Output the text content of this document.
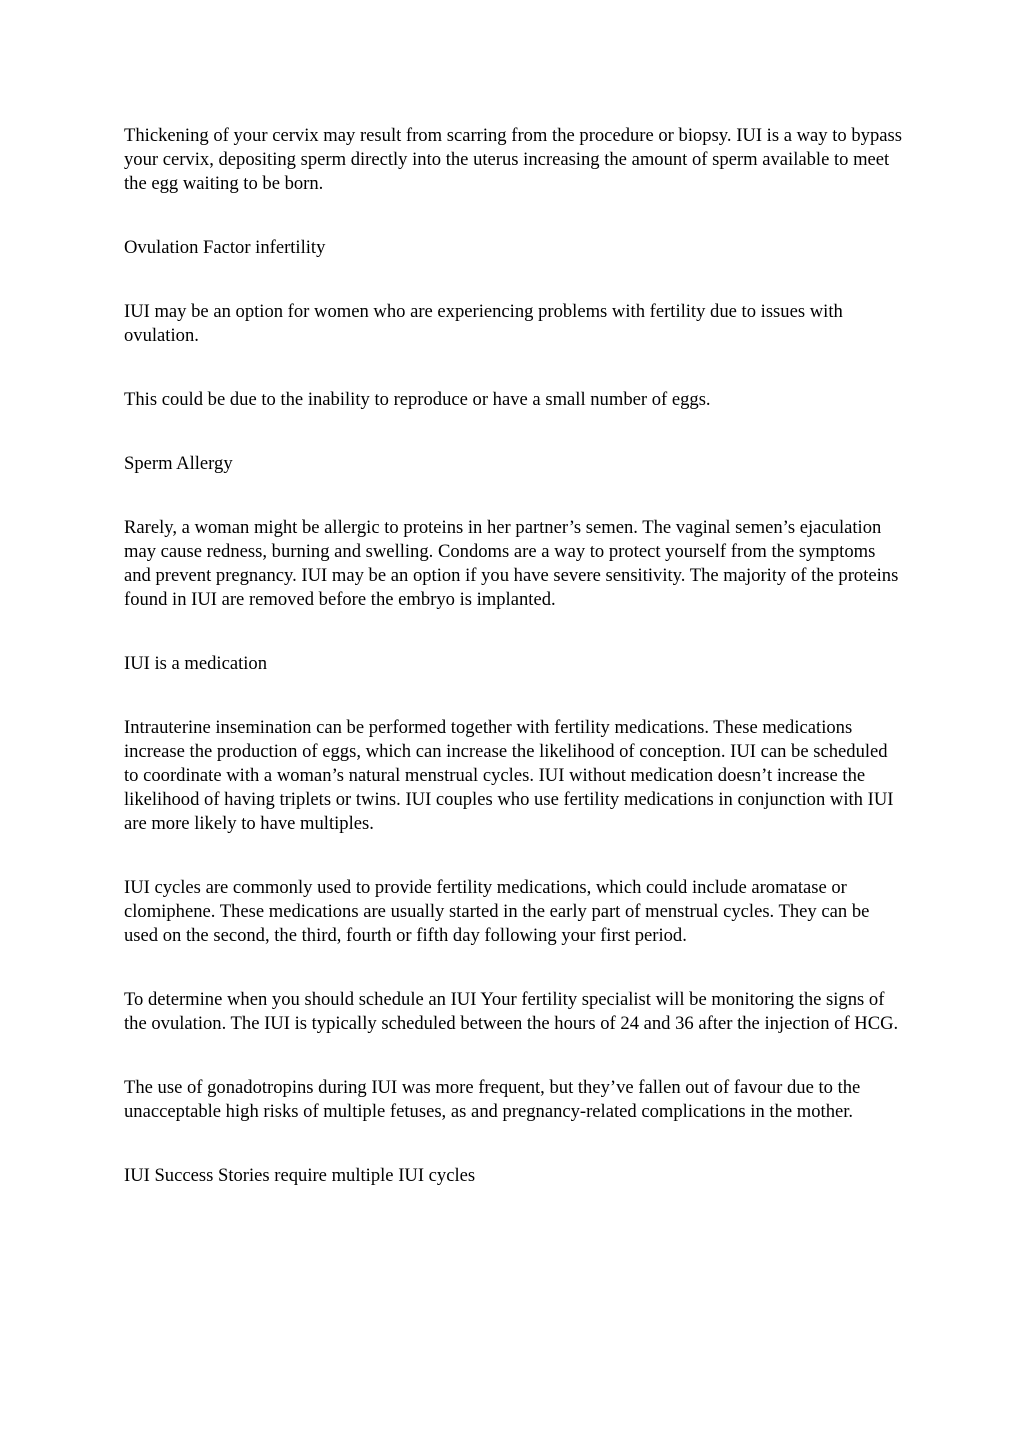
Thickening of your cervix may result from scarring from the procedure or biopsy. IUI is a way to bypass your cervix, depositing sperm directly into the uterus increasing the amount of sperm available to meet the egg waiting to be born.

Ovulation Factor infertility

IUI may be an option for women who are experiencing problems with fertility due to issues with ovulation.

This could be due to the inability to reproduce or have a small number of eggs.

Sperm Allergy

Rarely, a woman might be allergic to proteins in her partner’s semen. The vaginal semen’s ejaculation may cause redness, burning and swelling. Condoms are a way to protect yourself from the symptoms and prevent pregnancy. IUI may be an option if you have severe sensitivity. The majority of the proteins found in IUI are removed before the embryo is implanted.

IUI is a medication

Intrauterine insemination can be performed together with fertility medications. These medications increase the production of eggs, which can increase the likelihood of conception. IUI can be scheduled to coordinate with a woman’s natural menstrual cycles. IUI without medication doesn’t increase the likelihood of having triplets or twins. IUI couples who use fertility medications in conjunction with IUI are more likely to have multiples.

IUI cycles are commonly used to provide fertility medications, which could include aromatase or clomiphene. These medications are usually started in the early part of menstrual cycles. They can be used on the second, the third, fourth or fifth day following your first period.

To determine when you should schedule an IUI Your fertility specialist will be monitoring the signs of the ovulation. The IUI is typically scheduled between the hours of 24 and 36 after the injection of HCG.

The use of gonadotropins during IUI was more frequent, but they’ve fallen out of favour due to the unacceptable high risks of multiple fetuses, as and pregnancy-related complications in the mother.

IUI Success Stories require multiple IUI cycles
